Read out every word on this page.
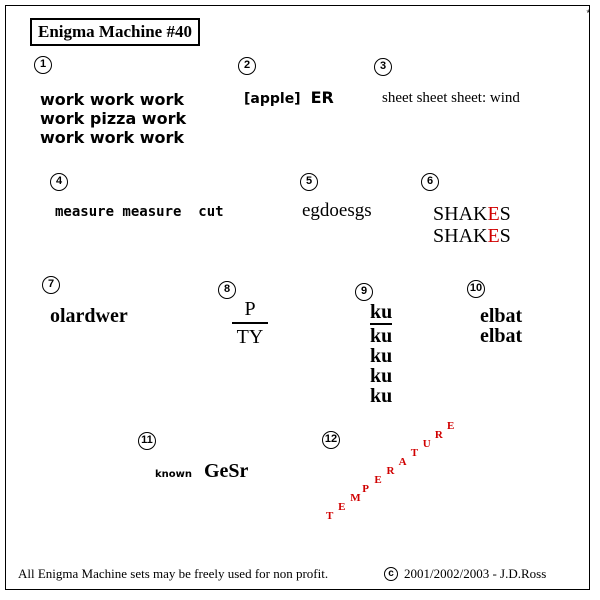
*
Enigma Machine #40
1
work work work
work pizza work
work work work
2
[apple] ER
3
sheet sheet sheet: wind
4
measure measure  cut
5
egdoesgs
6
SHAKES
SHAKES
7
olardwer
8
P
TY
9
ku
ku
ku
ku
ku
10
elbat
elbat
11
known GeSr
12
T
E
M
P
E
R
A
T
U
R
E
All Enigma Machine sets may be freely used for non profit.	c 2001/2002/2003 - J.D.Ross
